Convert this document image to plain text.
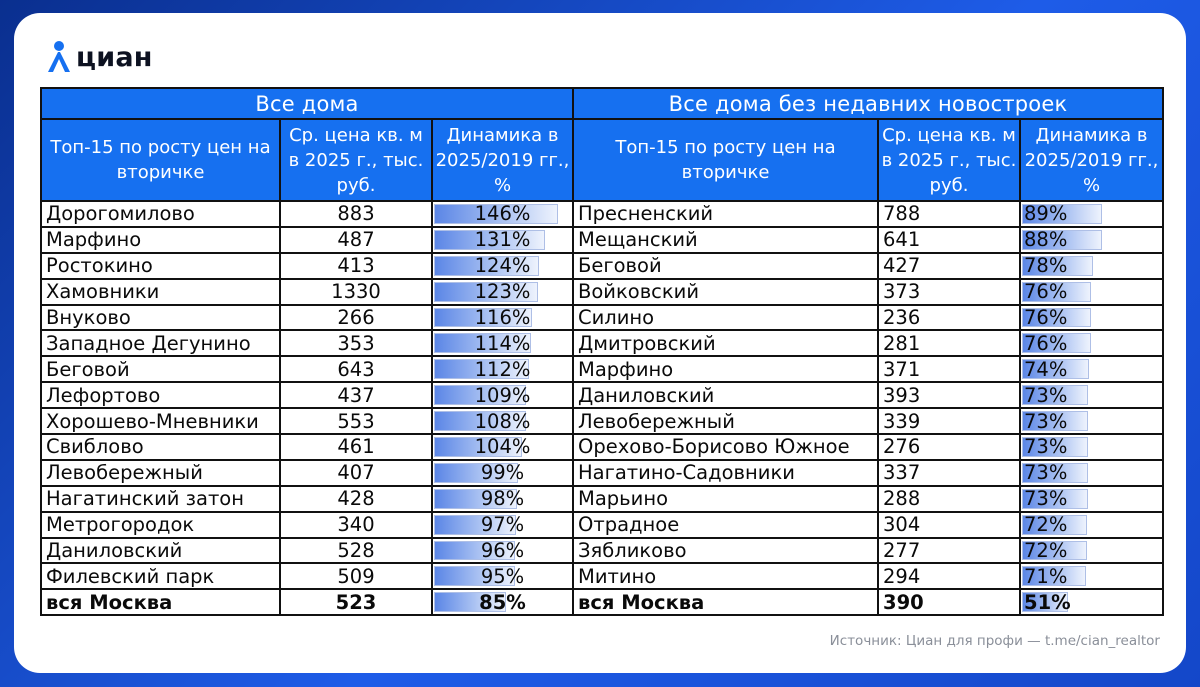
циан
Все дома		
Топ-15 по росту цен на вторичке	Ср. цена кв. м в 2025 г., тыс. руб.	Динамика в 2025/2019 гг., %
Дорогомилово	883	146%

Марфино	487	131%

Ростокино	413	124%

Хамовники	1330	123%

Внуково	266	116%

Западное Дегунино	353	114%

Беговой	643	112%

Лефортово	437	109%

Хорошево-Мневники	553	108%

Свиблово	461	104%

Левобережный	407	99%

Нагатинский затон	428	98%

Метрогородок	340	97%

Даниловский	528	96%

Филевский парк	509	95%

вся Москва	523	85%
Все дома без недавних новостроек		
Топ-15 по росту цен на вторичке	Ср. цена кв. м в 2025 г., тыс. руб.	Динамика в 2025/2019 гг., %
Пресненский	788	89%

Мещанский	641	88%

Беговой	427	78%

Войковский	373	76%

Силино	236	76%

Дмитровский	281	76%

Марфино	371	74%

Даниловский	393	73%

Левобережный	339	73%

Орехово-Борисово Южное	276	73%

Нагатино-Садовники	337	73%

Марьино	288	73%

Отрадное	304	72%

Зябликово	277	72%

Митино	294	71%

вся Москва	390	51%
Источник: Циан для профи — t.me/cian_realtor
